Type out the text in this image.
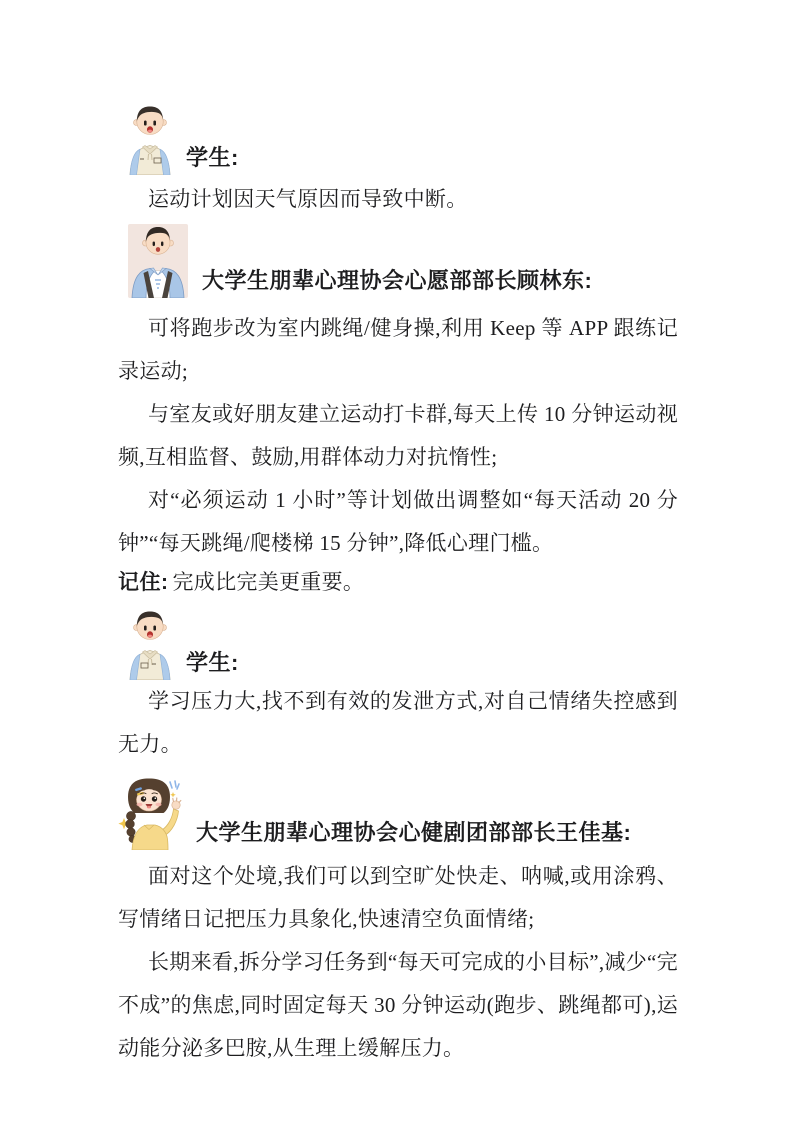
学生:

运动计划因天气原因而导致中断。

大学生朋辈心理协会心愿部部长顾林东:

可将跑步改为室内跳绳/健身操,利用 Keep 等 APP 跟练记录运动;

与室友或好朋友建立运动打卡群,每天上传 10 分钟运动视频,互相监督、鼓励,用群体动力对抗惰性;

对“必须运动 1 小时”等计划做出调整如“每天活动 20 分钟”“每天跳绳/爬楼梯 15 分钟”,降低心理门槛。

记住: 完成比完美更重要。

学生:

学习压力大,找不到有效的发泄方式,对自己情绪失控感到无力。

大学生朋辈心理协会心健剧团部部长王佳基:

面对这个处境,我们可以到空旷处快走、呐喊,或用涂鸦、写情绪日记把压力具象化,快速清空负面情绪;

长期来看,拆分学习任务到“每天可完成的小目标”,减少“完不成”的焦虑,同时固定每天 30 分钟运动(跑步、跳绳都可),运动能分泌多巴胺,从生理上缓解压力。
